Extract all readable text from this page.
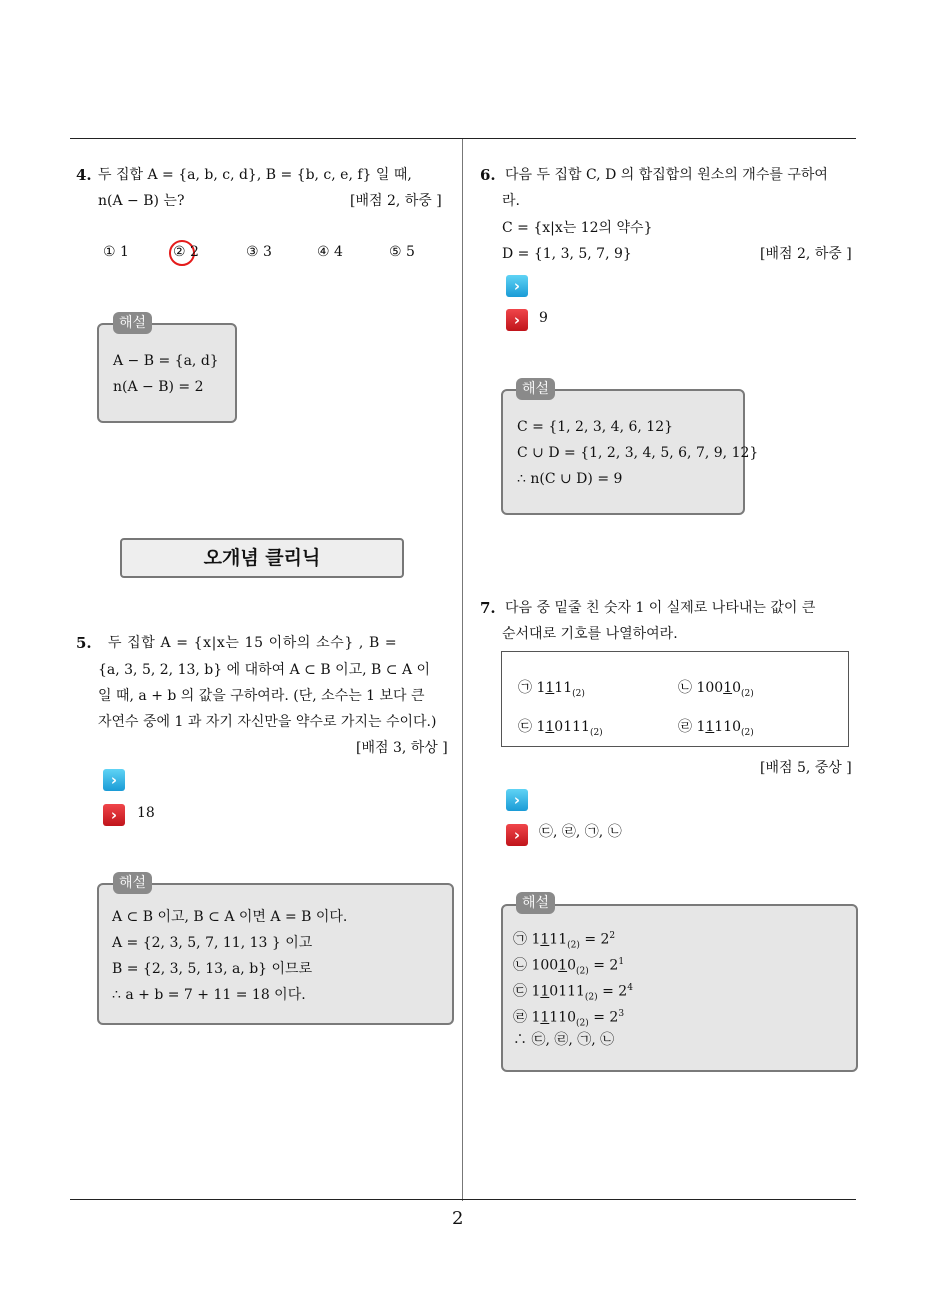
2
4. 두 집합 A = {a, b, c, d}, B = {b, c, e, f} 일 때,
n(A − B) 는?	[배점 2, 하중 ]
① 1	② 2	③ 3	④ 4	⑤ 5
A − B = {a, d}
n(A − B) = 2
해설
오개념 클리닉
5. 두 집합 A = {x|x는 15 이하의 소수} , B =
{a, 3, 5, 2, 13, b} 에 대하여 A ⊂ B 이고, B ⊂ A 이
일 때, a + b 의 값을 구하여라. (단, 소수는 1 보다 큰
자연수 중에 1 과 자기 자신만을 약수로 가지는 수이다.)
[배점 3, 하상 ]
›
›	18
A ⊂ B 이고, B ⊂ A 이면 A = B 이다.
A = {2, 3, 5, 7, 11, 13 } 이고
B = {2, 3, 5, 13, a, b} 이므로
∴ a + b = 7 + 11 = 18 이다.
해설
6. 다음 두 집합 C, D 의 합집합의 원소의 개수를 구하여
라.
C = {x|x는 12의 약수}
D = {1, 3, 5, 7, 9}	[배점 2, 하중 ]
›
›	9
C = {1, 2, 3, 4, 6, 12}
C ∪ D = {1, 2, 3, 4, 5, 6, 7, 9, 12}
∴ n(C ∪ D) = 9
해설
7. 다음 중 밑줄 친 숫자 1 이 실제로 나타내는 값이 큰
순서대로 기호를 나열하여라.
㉠ $1111_{(2)}$	㉡ $10010_{(2)}$
㉢ $110111_{(2)}$	㉣ $11110_{(2)}$
[배점 5, 중상 ]
›
›	㉢, ㉣, ㉠, ㉡
㉠ $1111_{(2)} = 2^2$
㉡ $10010_{(2)} = 2^1$
㉢ $110111_{(2)} = 2^4$
㉣ $11110_{(2)} = 2^3$
∴ ㉢, ㉣, ㉠, ㉡
해설
